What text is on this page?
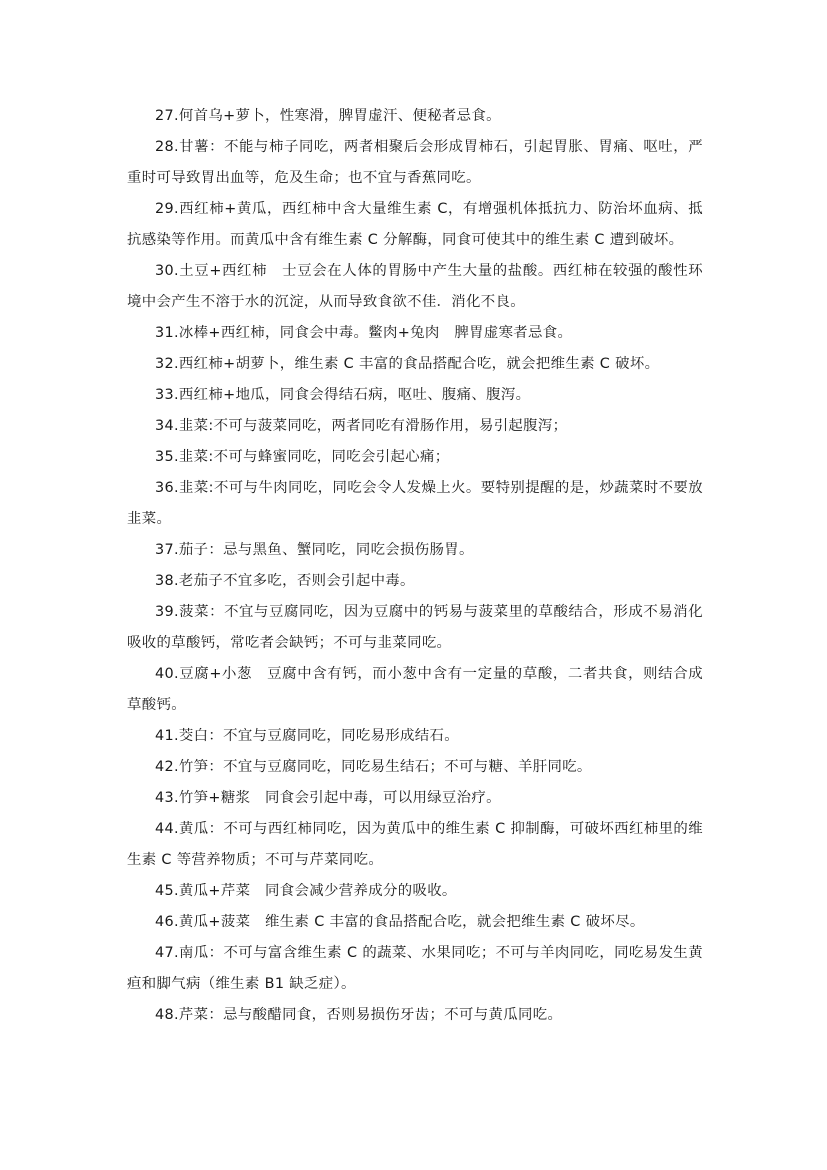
27.何首乌+萝卜，性寒滑，脾胃虚汗、便秘者忌食。

28.甘薯：不能与柿子同吃，两者相聚后会形成胃柿石，引起胃胀、胃痛、呕吐，严重时可导致胃出血等，危及生命；也不宜与香蕉同吃。

29.西红柿+黄瓜，西红柿中含大量维生素 C，有增强机体抵抗力、防治坏血病、抵抗感染等作用。而黄瓜中含有维生素 C 分解酶，同食可使其中的维生素 C 遭到破坏。

30.土豆+西红柿　士豆会在人体的胃肠中产生大量的盐酸。西红柿在较强的酸性环境中会产生不溶于水的沉淀，从而导致食欲不佳．消化不良。

31.冰棒+西红柿，同食会中毒。鳖肉+兔肉　脾胃虚寒者忌食。

32.西红柿+胡萝卜，维生素 C 丰富的食品搭配合吃，就会把维生素 C 破坏。

33.西红柿+地瓜，同食会得结石病，呕吐、腹痛、腹泻。

34.韭菜:不可与菠菜同吃，两者同吃有滑肠作用，易引起腹泻；

35.韭菜:不可与蜂蜜同吃，同吃会引起心痛；

36.韭菜:不可与牛肉同吃，同吃会令人发燥上火。要特别提醒的是，炒蔬菜时不要放韭菜。

37.茄子：忌与黑鱼、蟹同吃，同吃会损伤肠胃。

38.老茄子不宜多吃，否则会引起中毒。

39.菠菜：不宜与豆腐同吃，因为豆腐中的钙易与菠菜里的草酸结合，形成不易消化吸收的草酸钙，常吃者会缺钙；不可与韭菜同吃。

40.豆腐+小葱　豆腐中含有钙，而小葱中含有一定量的草酸，二者共食，则结合成草酸钙。

41.茭白：不宜与豆腐同吃，同吃易形成结石。

42.竹笋：不宜与豆腐同吃，同吃易生结石；不可与糖、羊肝同吃。

43.竹笋+糖浆　同食会引起中毒，可以用绿豆治疗。

44.黄瓜：不可与西红柿同吃，因为黄瓜中的维生素 C 抑制酶，可破坏西红柿里的维生素 C 等营养物质；不可与芹菜同吃。

45.黄瓜+芹菜　同食会减少营养成分的吸收。

46.黄瓜+菠菜　维生素 C 丰富的食品搭配合吃，就会把维生素 C 破坏尽。

47.南瓜：不可与富含维生素 C 的蔬菜、水果同吃；不可与羊肉同吃，同吃易发生黄疸和脚气病（维生素 B1 缺乏症）。

48.芹菜：忌与酸醋同食，否则易损伤牙齿；不可与黄瓜同吃。
